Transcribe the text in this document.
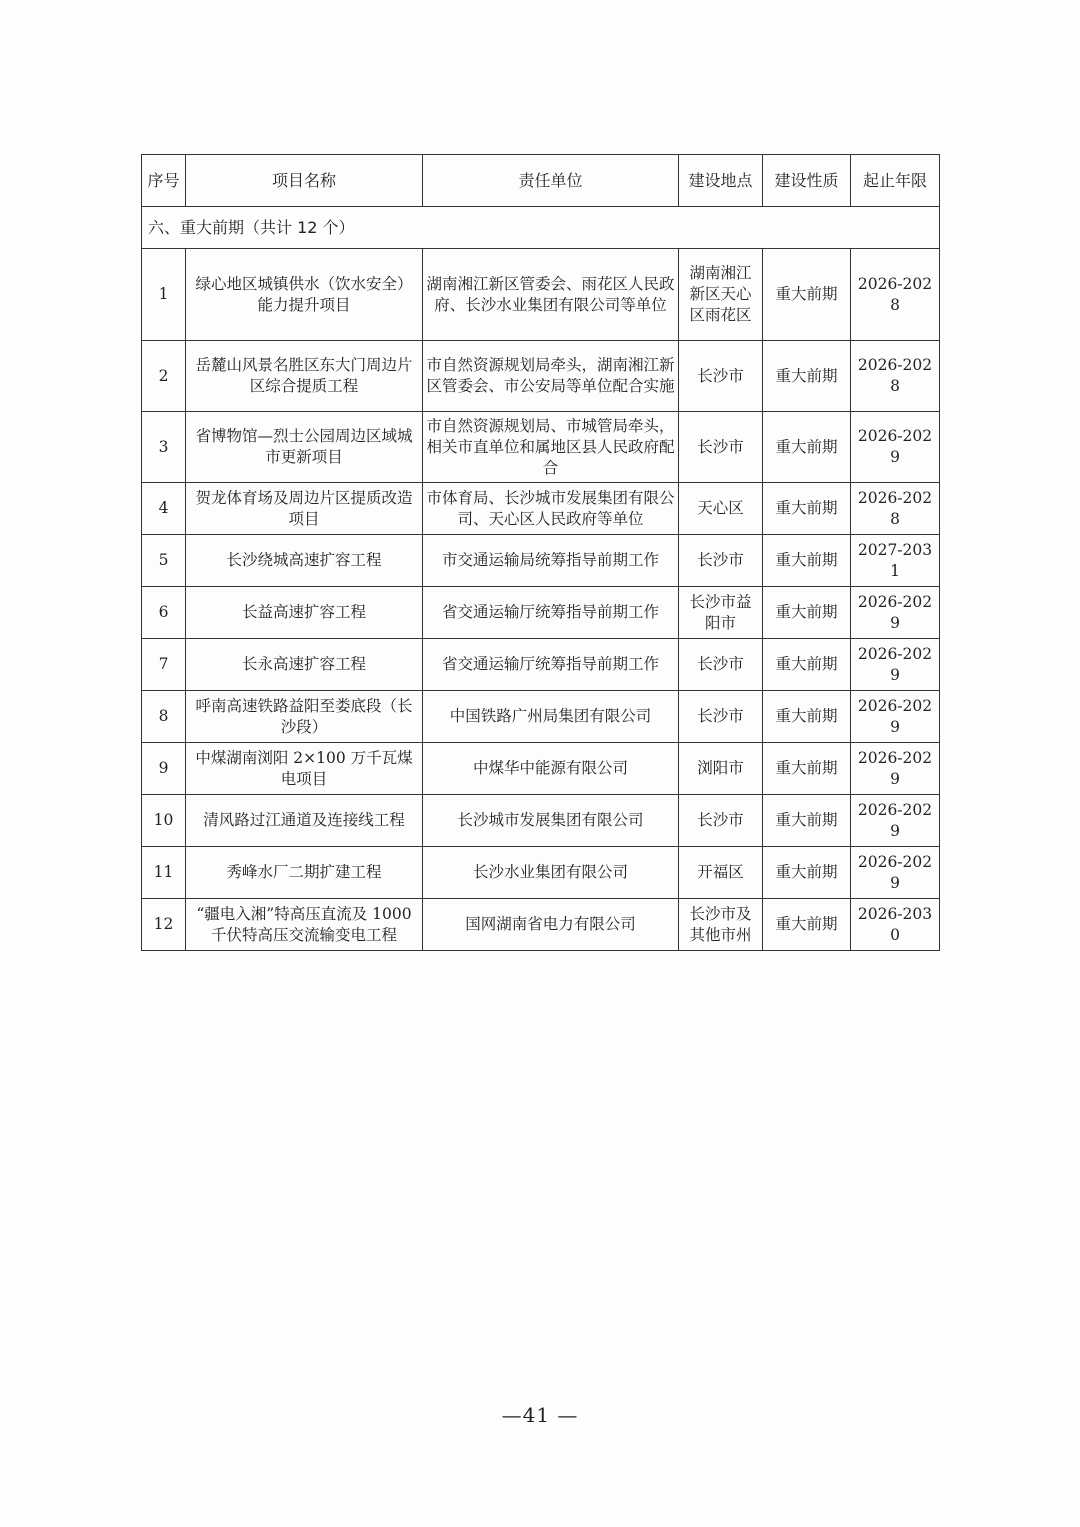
序号	项目名称	责任单位	建设地点	建设性质	起止年限
六、重大前期（共计 12 个）					
1	绿心地区城镇供水（饮水安全）能力提升项目	湖南湘江新区管委会、雨花区人民政府、长沙水业集团有限公司等单位	湖南湘江新区天心区雨花区	重大前期	2026-2028
2	岳麓山风景名胜区东大门周边片区综合提质工程	市自然资源规划局牵头，湖南湘江新区管委会、市公安局等单位配合实施	长沙市	重大前期	2026-2028
3	省博物馆—烈士公园周边区域城市更新项目	市自然资源规划局、市城管局牵头，相关市直单位和属地区县人民政府配合	长沙市	重大前期	2026-2029
4	贺龙体育场及周边片区提质改造项目	市体育局、长沙城市发展集团有限公司、天心区人民政府等单位	天心区	重大前期	2026-2028
5	长沙绕城高速扩容工程	市交通运输局统筹指导前期工作	长沙市	重大前期	2027-2031
6	长益高速扩容工程	省交通运输厅统筹指导前期工作	长沙市益阳市	重大前期	2026-2029
7	长永高速扩容工程	省交通运输厅统筹指导前期工作	长沙市	重大前期	2026-2029
8	呼南高速铁路益阳至娄底段（长沙段）	中国铁路广州局集团有限公司	长沙市	重大前期	2026-2029
9	中煤湖南浏阳 2×100 万千瓦煤电项目	中煤华中能源有限公司	浏阳市	重大前期	2026-2029
10	清风路过江通道及连接线工程	长沙城市发展集团有限公司	长沙市	重大前期	2026-2029
11	秀峰水厂二期扩建工程	长沙水业集团有限公司	开福区	重大前期	2026-2029
12	“疆电入湘”特高压直流及 1000 千伏特高压交流输变电工程	国网湖南省电力有限公司	长沙市及其他市州	重大前期	2026-2030
—41 —
